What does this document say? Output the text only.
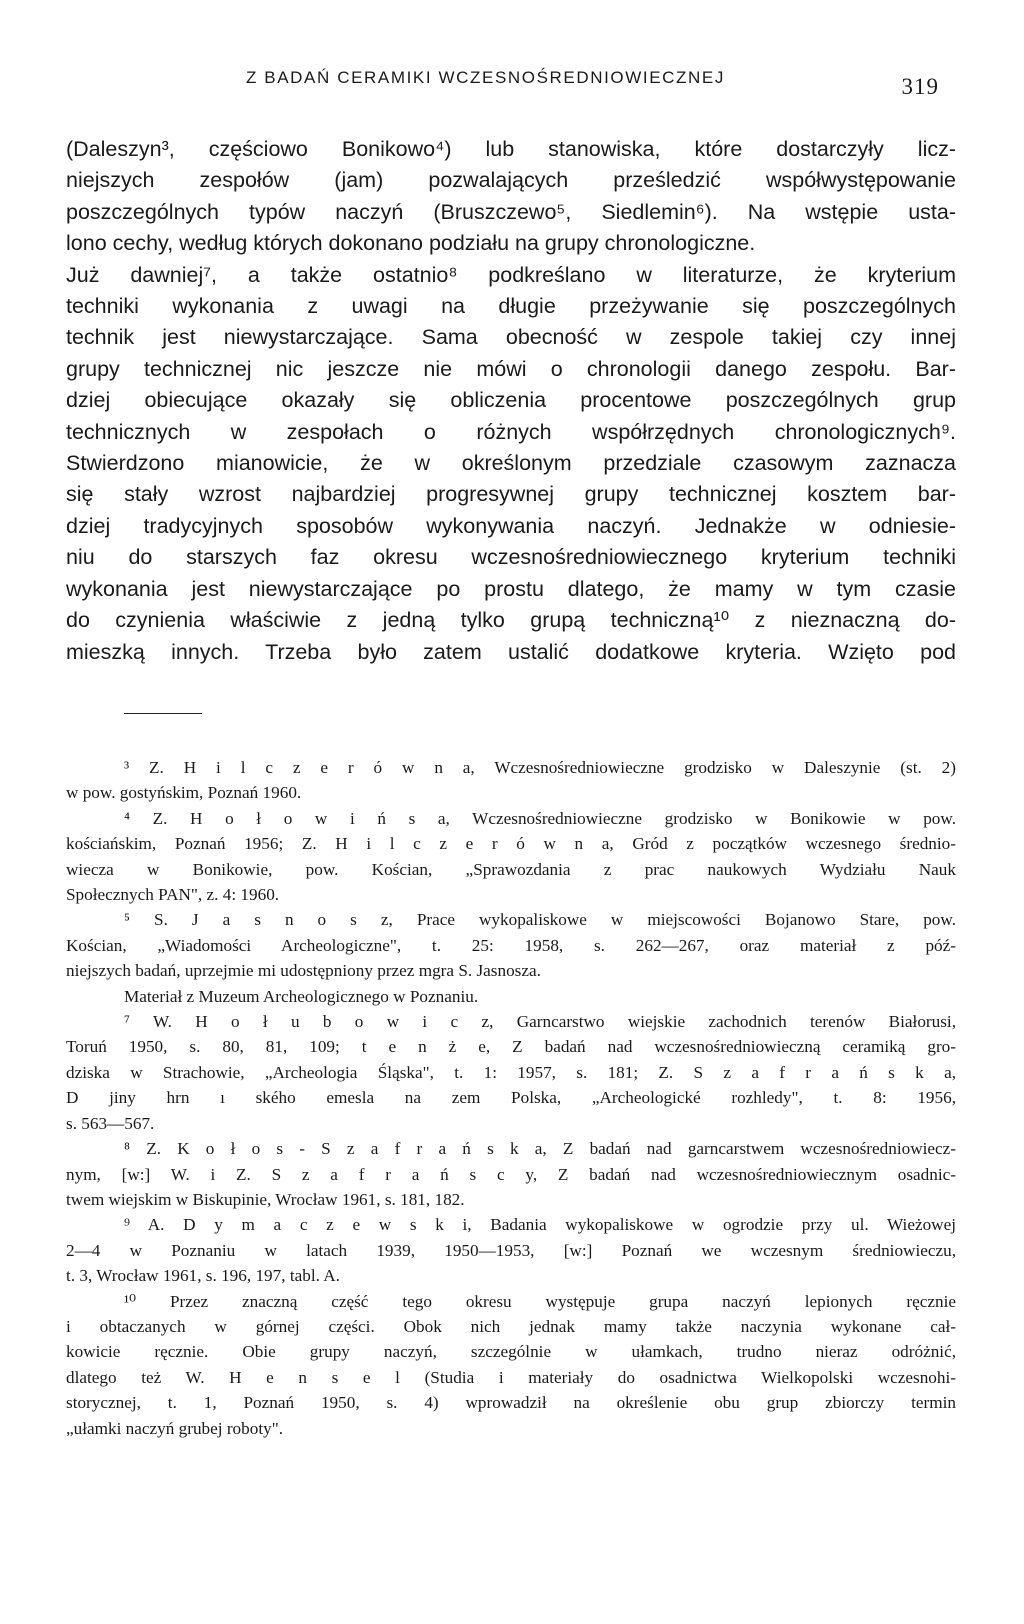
Z BADAŃ CERAMIKI WCZESNOŚREDNIOWIECZNEJ	319
(Daleszyn³, częściowo Bonikowo⁴) lub stanowiska, które dostarczyły licz-
niejszych zespołów (jam) pozwalających prześledzić współwystępowanie
poszczególnych typów naczyń (Bruszczewo⁵, Siedlemin⁶). Na wstępie usta-
lono cechy, według których dokonano podziału na grupy chronologiczne.
Już dawniej⁷, a także ostatnio⁸ podkreślano w literaturze, że kryterium
techniki wykonania z uwagi na długie przeżywanie się poszczególnych
technik jest niewystarczające. Sama obecność w zespole takiej czy innej
grupy technicznej nic jeszcze nie mówi o chronologii danego zespołu. Bar-
dziej obiecujące okazały się obliczenia procentowe poszczególnych grup
technicznych w zespołach o różnych współrzędnych chronologicznych⁹.
Stwierdzono mianowicie, że w określonym przedziale czasowym zaznacza
się stały wzrost najbardziej progresywnej grupy technicznej kosztem bar-
dziej tradycyjnych sposobów wykonywania naczyń. Jednakże w odniesie-
niu do starszych faz okresu wczesnośredniowiecznego kryterium techniki
wykonania jest niewystarczające po prostu dlatego, że mamy w tym czasie
do czynienia właściwie z jedną tylko grupą techniczną¹⁰ z nieznaczną do-
mieszką innych. Trzeba było zatem ustalić dodatkowe kryteria. Wzięto pod
³ Z. H i l c z e r ó w n a, Wczesnośredniowieczne grodzisko w Daleszynie (st. 2)
w pow. gostyńskim, Poznań 1960.
⁴ Z. H o ł o w i ń s a, Wczesnośredniowieczne grodzisko w Bonikowie w pow.
kościańskim, Poznań 1956; Z. H i l c z e r ó w n a, Gród z początków wczesnego średnio-
wiecza w Bonikowie, pow. Kościan, „Sprawozdania z prac naukowych Wydziału Nauk
Społecznych PAN", z. 4: 1960.
⁵ S. J a s n o s z, Prace wykopaliskowe w miejscowości Bojanowo Stare, pow.
Kościan, „Wiadomości Archeologiczne", t. 25: 1958, s. 262—267, oraz materiał z póź-
niejszych badań, uprzejmie mi udostępniony przez mgra S. Jasnosza.
Materiał z Muzeum Archeologicznego w Poznaniu.
⁷ W. H o ł u b o w i c z, Garncarstwo wiejskie zachodnich terenów Białorusi,
Toruń 1950, s. 80, 81, 109; t e n ż e, Z badań nad wczesnośredniowieczną ceramiką gro-
dziska w Strachowie, „Archeologia Śląska", t. 1: 1957, s. 181; Z. S z a f r a ń s k a,
D jiny hrn ı ského emesla na zem Polska, „Archeologické rozhledy", t. 8: 1956,
s. 563—567.
⁸ Z. K o ł o s - S z a f r a ń s k a, Z badań nad garncarstwem wczesnośredniowiecz-
nym, [w:] W. i Z. S z a f r a ń s c y, Z badań nad wczesnośredniowiecznym osadnic-
twem wiejskim w Biskupinie, Wrocław 1961, s. 181, 182.
⁹ A. D y m a c z e w s k i, Badania wykopaliskowe w ogrodzie przy ul. Wieżowej
2—4 w Poznaniu w latach 1939, 1950—1953, [w:] Poznań we wczesnym średniowieczu,
t. 3, Wrocław 1961, s. 196, 197, tabl. A.
¹⁰ Przez znaczną część tego okresu występuje grupa naczyń lepionych ręcznie
i obtaczanych w górnej części. Obok nich jednak mamy także naczynia wykonane cał-
kowicie ręcznie. Obie grupy naczyń, szczególnie w ułamkach, trudno nieraz odróżnić,
dlatego też W. H e n s e l (Studia i materiały do osadnictwa Wielkopolski wczesnohi-
storycznej, t. 1, Poznań 1950, s. 4) wprowadził na określenie obu grup zbiorczy termin
„ułamki naczyń grubej roboty".
